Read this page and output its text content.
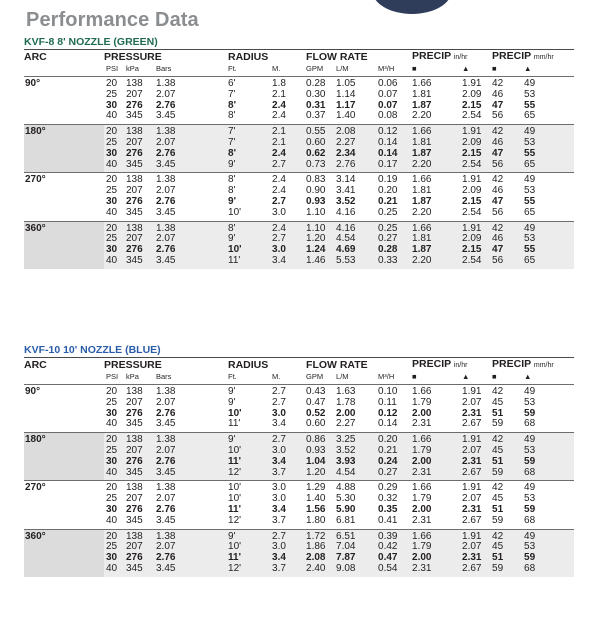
Performance Data
KVF-8 8' NOZZLE (GREEN)
ARC	PRESSURE				RADIUS		FLOW RATE			PRECIP in/hr		PRECIP mm/hr	
	PSI	kPa	Bars		Ft.	M.	GPM	L/M	M³/H	■	▲	■	▲
90°	20	138	1.38		6'	1.8	0.28	1.05	0.06	1.66	1.91	42	49
	25	207	2.07		7'	2.1	0.30	1.14	0.07	1.81	2.09	46	53
	30	276	2.76		8'	2.4	0.31	1.17	0.07	1.87	2.15	47	55
	40	345	3.45		8'	2.4	0.37	1.40	0.08	2.20	2.54	56	65
180°	20	138	1.38		7'	2.1	0.55	2.08	0.12	1.66	1.91	42	49
	25	207	2.07		7'	2.1	0.60	2.27	0.14	1.81	2.09	46	53
	30	276	2.76		8'	2.4	0.62	2.34	0.14	1.87	2.15	47	55
	40	345	3.45		9'	2.7	0.73	2.76	0.17	2.20	2.54	56	65
270°	20	138	1.38		8'	2.4	0.83	3.14	0.19	1.66	1.91	42	49
	25	207	2.07		8'	2.4	0.90	3.41	0.20	1.81	2.09	46	53
	30	276	2.76		9'	2.7	0.93	3.52	0.21	1.87	2.15	47	55
	40	345	3.45		10'	3.0	1.10	4.16	0.25	2.20	2.54	56	65
360°	20	138	1.38		8'	2.4	1.10	4.16	0.25	1.66	1.91	42	49
	25	207	2.07		9'	2.7	1.20	4.54	0.27	1.81	2.09	46	53
	30	276	2.76		10'	3.0	1.24	4.69	0.28	1.87	2.15	47	55
	40	345	3.45		11'	3.4	1.46	5.53	0.33	2.20	2.54	56	65
KVF-10 10' NOZZLE (BLUE)
ARC	PRESSURE				RADIUS		FLOW RATE			PRECIP in/hr		PRECIP mm/hr	
	PSI	kPa	Bars		Ft.	M.	GPM	L/M	M³/H	■	▲	■	▲
90°	20	138	1.38		9'	2.7	0.43	1.63	0.10	1.66	1.91	42	49
	25	207	2.07		9'	2.7	0.47	1.78	0.11	1.79	2.07	45	53
	30	276	2.76		10'	3.0	0.52	2.00	0.12	2.00	2.31	51	59
	40	345	3.45		11'	3.4	0.60	2.27	0.14	2.31	2.67	59	68
180°	20	138	1.38		9'	2.7	0.86	3.25	0.20	1.66	1.91	42	49
	25	207	2.07		10'	3.0	0.93	3.52	0.21	1.79	2.07	45	53
	30	276	2.76		11'	3.4	1.04	3.93	0.24	2.00	2.31	51	59
	40	345	3.45		12'	3.7	1.20	4.54	0.27	2.31	2.67	59	68
270°	20	138	1.38		10'	3.0	1.29	4.88	0.29	1.66	1.91	42	49
	25	207	2.07		10'	3.0	1.40	5.30	0.32	1.79	2.07	45	53
	30	276	2.76		11'	3.4	1.56	5.90	0.35	2.00	2.31	51	59
	40	345	3.45		12'	3.7	1.80	6.81	0.41	2.31	2.67	59	68
360°	20	138	1.38		9'	2.7	1.72	6.51	0.39	1.66	1.91	42	49
	25	207	2.07		10'	3.0	1.86	7.04	0.42	1.79	2.07	45	53
	30	276	2.76		11'	3.4	2.08	7.87	0.47	2.00	2.31	51	59
	40	345	3.45		12'	3.7	2.40	9.08	0.54	2.31	2.67	59	68
